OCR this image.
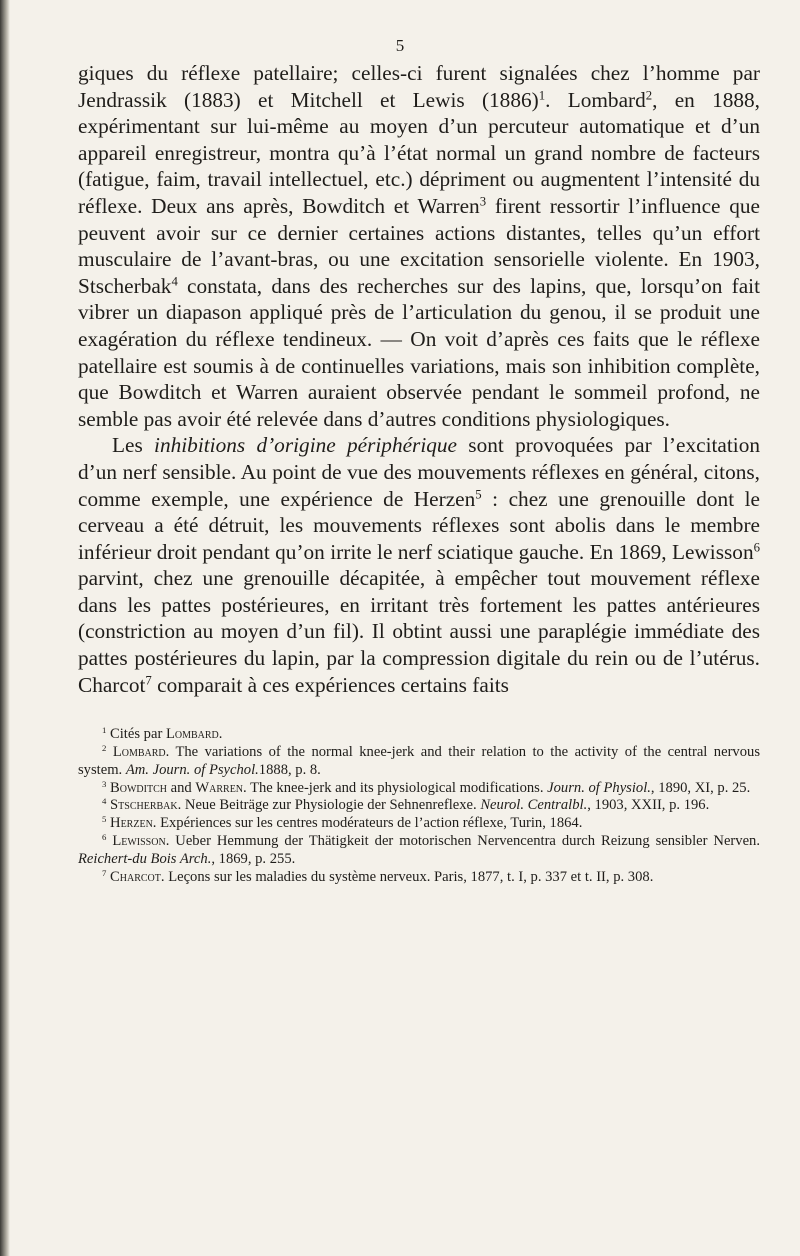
5

giques du réflexe patellaire; celles-ci furent signalées chez l’homme par Jendrassik (1883) et Mitchell et Lewis $(1886)^1$. Lombard$^2$, en 1888, expérimentant sur lui-même au moyen d’un percuteur automatique et d’un appareil enregistreur, montra qu’à l’état normal un grand nombre de facteurs (fatigue, faim, travail intellectuel, etc.) dépriment ou augmentent l’intensité du réflexe. Deux ans après, Bowditch et Warren$^3$ firent ressortir l’influence que peuvent avoir sur ce dernier certaines actions distantes, telles qu’un effort musculaire de l’avant-bras, ou une excitation sensorielle violente. En 1903, Stscherbak$^4$ constata, dans des recherches sur des lapins, que, lorsqu’on fait vibrer un diapason appliqué près de l’articulation du genou, il se produit une exagération du réflexe tendineux. — On voit d’après ces faits que le réflexe patellaire est soumis à de continuelles variations, mais son inhibition complète, que Bowditch et Warren auraient observée pendant le sommeil profond, ne semble pas avoir été relevée dans d’autres conditions physiologiques.

Les inhibitions d’origine périphérique sont provoquées par l’excitation d’un nerf sensible. Au point de vue des mouvements réflexes en général, citons, comme exemple, une expérience de Herzen$^5$ : chez une grenouille dont le cerveau a été détruit, les mouvements réflexes sont abolis dans le membre inférieur droit pendant qu’on irrite le nerf sciatique gauche. En 1869, Lewisson$^6$ parvint, chez une grenouille décapitée, à empêcher tout mouvement réflexe dans les pattes postérieures, en irritant très fortement les pattes antérieures (constriction au moyen d’un fil). Il obtint aussi une paraplégie immédiate des pattes postérieures du lapin, par la compression digitale du rein ou de l’utérus. Charcot$^7$ comparait à ces expériences certains faits

$^1$ Cités par Lombard.

$^2$ Lombard. The variations of the normal knee-jerk and their relation to the activity of the central nervous system. Am. Journ. of Psychol.1888, p. 8.

$^3$ Bowditch and Warren. The knee-jerk and its physiological modifications. Journ. of Physiol., 1890, XI, p. 25.

$^4$ Stscherbak. Neue Beiträge zur Physiologie der Sehnenreflexe. Neurol. Centralbl., 1903, XXII, p. 196.

$^5$ Herzen. Expériences sur les centres modérateurs de l’action réflexe, Turin, 1864.

$^6$ Lewisson. Ueber Hemmung der Thätigkeit der motorischen Nervencentra durch Reizung sensibler Nerven. Reichert-du Bois Arch., 1869, p. 255.

$^7$ Charcot. Leçons sur les maladies du système nerveux. Paris, 1877, t. I, p. 337 et t. II, p. 308.
